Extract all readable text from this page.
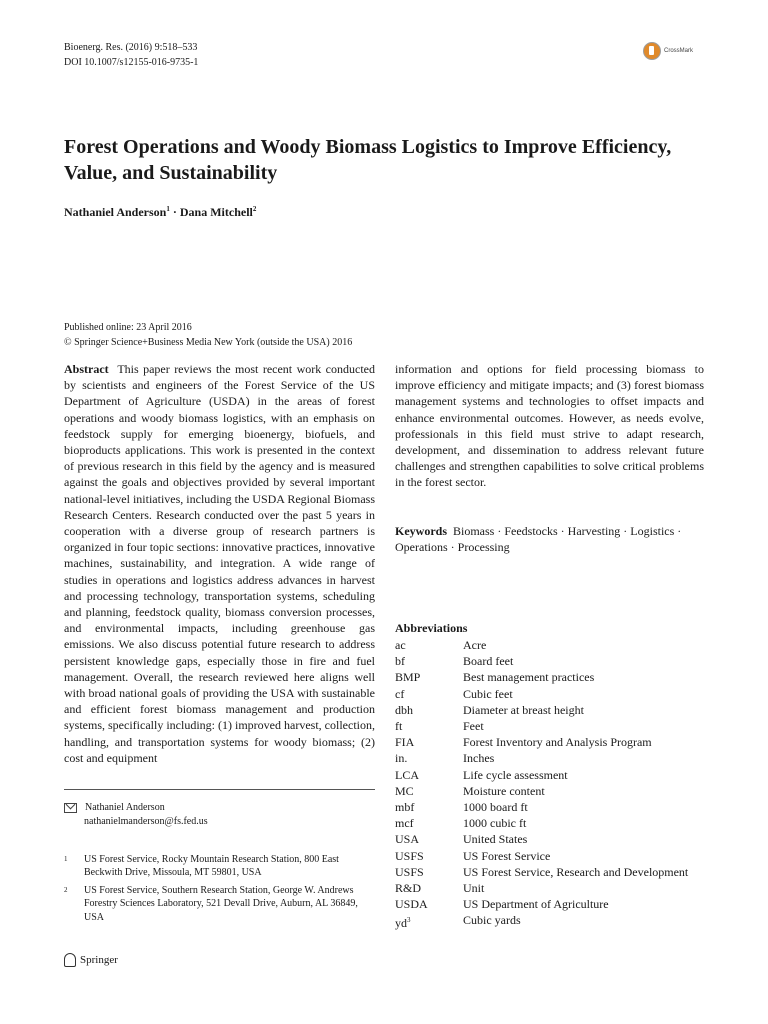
Bioenerg. Res. (2016) 9:518–533
DOI 10.1007/s12155-016-9735-1
CrossMark
Forest Operations and Woody Biomass Logistics to Improve Efficiency, Value, and Sustainability
Nathaniel Anderson$^1$ · Dana Mitchell$^2$
Published online: 23 April 2016
© Springer Science+Business Media New York (outside the USA) 2016
Abstract This paper reviews the most recent work conducted by scientists and engineers of the Forest Service of the US Department of Agriculture (USDA) in the areas of forest operations and woody biomass logistics, with an emphasis on feedstock supply for emerging bioenergy, biofuels, and bioproducts applications. This work is presented in the context of previous research in this field by the agency and is measured against the goals and objectives provided by several important national-level initiatives, including the USDA Regional Biomass Research Centers. Research conducted over the past 5 years in cooperation with a diverse group of research partners is organized in four topic sections: innovative practices, innovative machines, sustainability, and integration. A wide range of studies in operations and logistics address advances in harvest and processing technology, transportation systems, scheduling and planning, feedstock quality, biomass conversion processes, and environmental impacts, including greenhouse gas emissions. We also discuss potential future research to address persistent knowledge gaps, especially those in fire and fuel management. Overall, the research reviewed here aligns well with broad national goals of providing the USA with sustainable and efficient forest biomass management and production systems, specifically including: (1) improved harvest, collection, handling, and transportation systems for woody biomass; (2) cost and equipment
information and options for field processing biomass to improve efficiency and mitigate impacts; and (3) forest biomass management systems and technologies to offset impacts and enhance environmental outcomes. However, as needs evolve, professionals in this field must strive to adapt research, development, and dissemination to address relevant future challenges and strengthen capabilities to solve critical problems in the forest sector.
Keywords Biomass · Feedstocks · Harvesting · Logistics · Operations · Processing
Nathaniel Anderson
nathanielmanderson@fs.fed.us
1 US Forest Service, Rocky Mountain Research Station, 800 East Beckwith Drive, Missoula, MT 59801, USA
2 US Forest Service, Southern Research Station, George W. Andrews Forestry Sciences Laboratory, 521 Devall Drive, Auburn, AL 36849, USA
Springer
Abbreviations
ac	Acre
bf	Board feet
BMP	Best management practices
cf	Cubic feet
dbh	Diameter at breast height
ft	Feet
FIA	Forest Inventory and Analysis Program
in.	Inches
LCA	Life cycle assessment
MC	Moisture content
mbf	1000 board ft
mcf	1000 cubic ft
USA	United States
USFS	US Forest Service
USFS	US Forest Service, Research and Development
R&D	Unit
USDA	US Department of Agriculture
$yd^3$	Cubic yards
